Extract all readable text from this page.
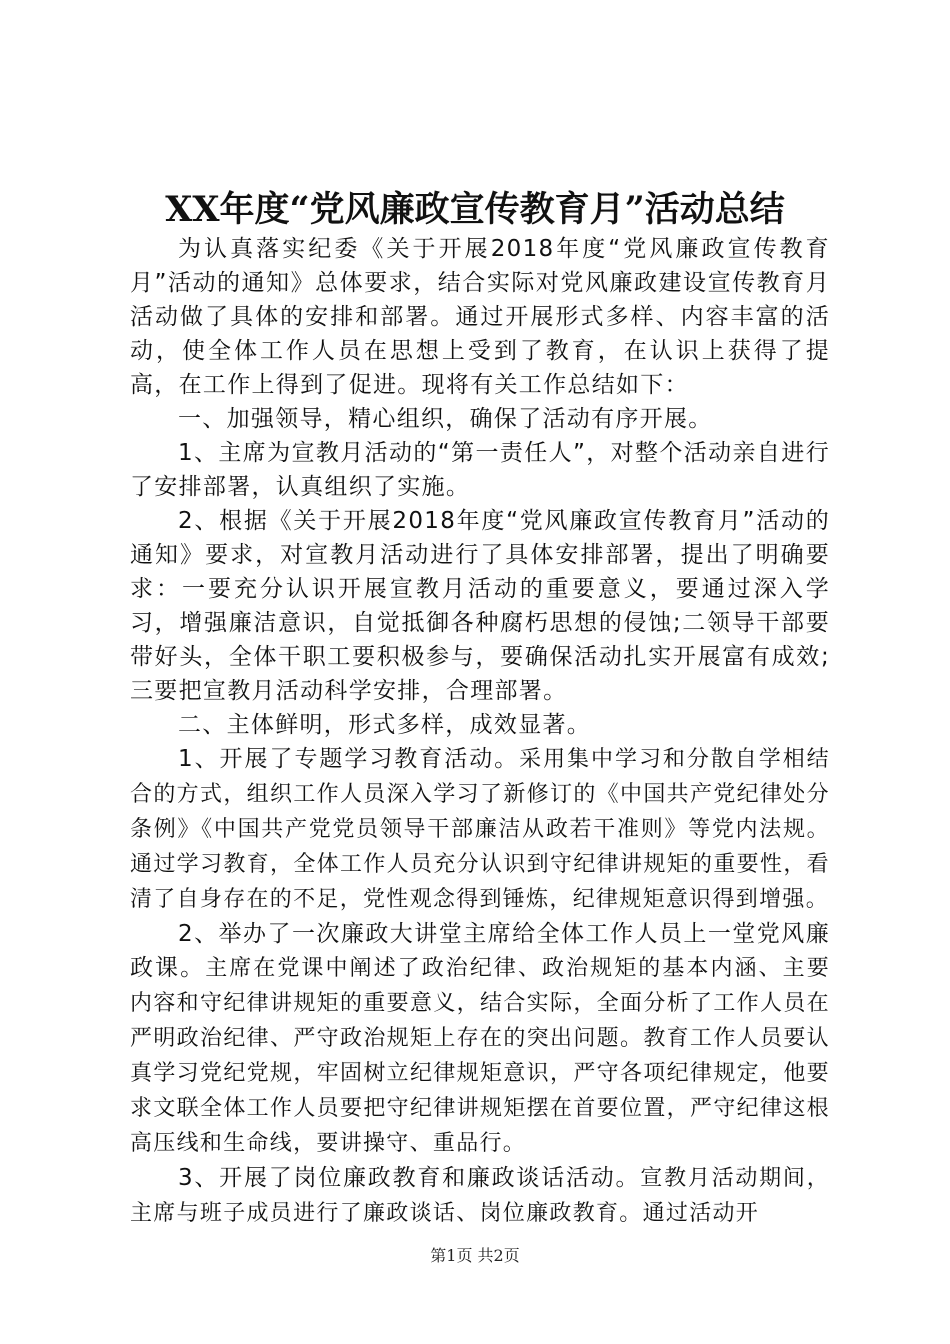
XX年度“党风廉政宣传教育月”活动总结

为认真落实纪委《关于开展2018年度“党风廉政宣传教育月”活动的通知》总体要求，结合实际对党风廉政建设宣传教育月活动做了具体的安排和部署。通过开展形式多样、内容丰富的活动，使全体工作人员在思想上受到了教育，在认识上获得了提高，在工作上得到了促进。现将有关工作总结如下：

一、加强领导，精心组织，确保了活动有序开展。

1、主席为宣教月活动的“第一责任人”，对整个活动亲自进行了安排部署，认真组织了实施。

2、根据《关于开展2018年度“党风廉政宣传教育月”活动的通知》要求，对宣教月活动进行了具体安排部署，提出了明确要求：一要充分认识开展宣教月活动的重要意义，要通过深入学习，增强廉洁意识，自觉抵御各种腐朽思想的侵蚀;二领导干部要带好头，全体干职工要积极参与，要确保活动扎实开展富有成效;三要把宣教月活动科学安排，合理部署。

二、主体鲜明，形式多样，成效显著。

1、开展了专题学习教育活动。采用集中学习和分散自学相结合的方式，组织工作人员深入学习了新修订的《中国共产党纪律处分条例》《中国共产党党员领导干部廉洁从政若干准则》等党内法规。通过学习教育，全体工作人员充分认识到守纪律讲规矩的重要性，看清了自身存在的不足，党性观念得到锤炼，纪律规矩意识得到增强。

2、举办了一次廉政大讲堂主席给全体工作人员上一堂党风廉政课。主席在党课中阐述了政治纪律、政治规矩的基本内涵、主要内容和守纪律讲规矩的重要意义，结合实际，全面分析了工作人员在严明政治纪律、严守政治规矩上存在的突出问题。教育工作人员要认真学习党纪党规，牢固树立纪律规矩意识，严守各项纪律规定，他要求文联全体工作人员要把守纪律讲规矩摆在首要位置，严守纪律这根高压线和生命线，要讲操守、重品行。

3、开展了岗位廉政教育和廉政谈话活动。宣教月活动期间，主席与班子成员进行了廉政谈话、岗位廉政教育。通过活动开

第1页 共2页
